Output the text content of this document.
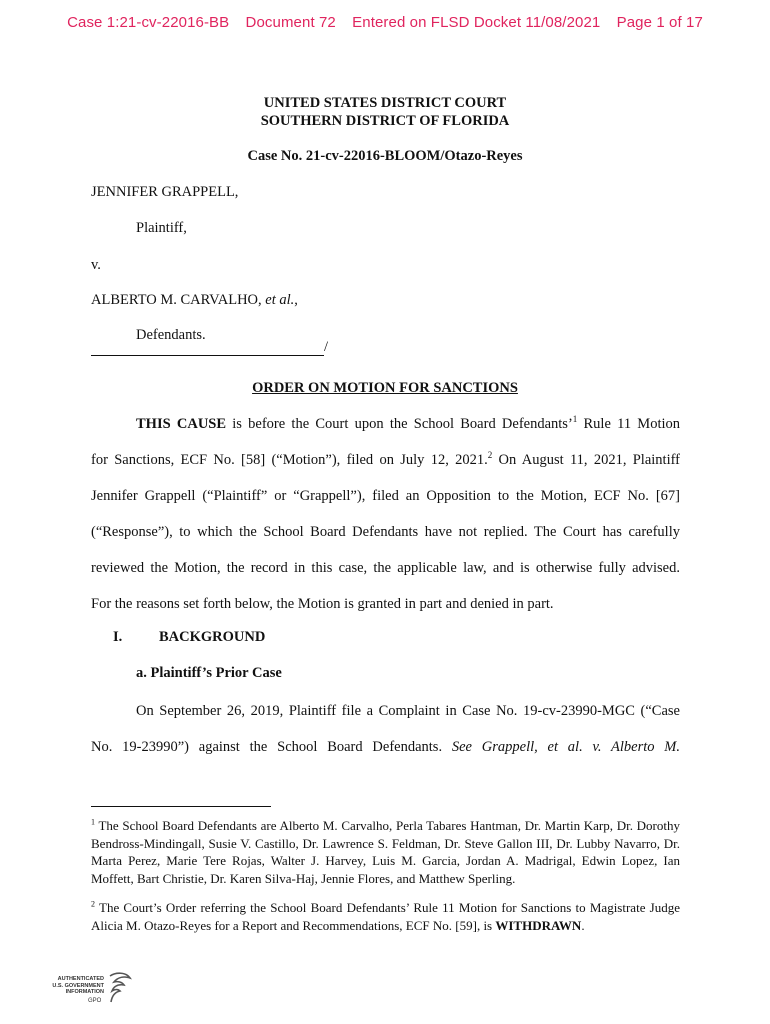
Case 1:21-cv-22016-BB Document 72 Entered on FLSD Docket 11/08/2021 Page 1 of 17
UNITED STATES DISTRICT COURT
SOUTHERN DISTRICT OF FLORIDA
Case No. 21-cv-22016-BLOOM/Otazo-Reyes
JENNIFER GRAPPELL,
Plaintiff,
v.
ALBERTO M. CARVALHO, et al.,
Defendants.
/
ORDER ON MOTION FOR SANCTIONS
THIS CAUSE is before the Court upon the School Board Defendants’$^1$ Rule 11 Motion
for Sanctions, ECF No. [58] (“Motion”), filed on July 12, 2021.$^2$ On August 11, 2021, Plaintiff
Jennifer Grappell (“Plaintiff” or “Grappell”), filed an Opposition to the Motion, ECF No. [67]
(“Response”), to which the School Board Defendants have not replied. The Court has carefully
reviewed the Motion, the record in this case, the applicable law, and is otherwise fully advised.
For the reasons set forth below, the Motion is granted in part and denied in part.
I.	BACKGROUND
a. Plaintiff’s Prior Case
On September 26, 2019, Plaintiff file a Complaint in Case No. 19-cv-23990-MGC (“Case
No. 19-23990”) against the School Board Defendants. See Grappell, et al. v. Alberto M.
$^1$ The School Board Defendants are Alberto M. Carvalho, Perla Tabares Hantman, Dr. Martin Karp, Dr. Dorothy Bendross-Mindingall, Susie V. Castillo, Dr. Lawrence S. Feldman, Dr. Steve Gallon III, Dr. Lubby Navarro, Dr. Marta Perez, Marie Tere Rojas, Walter J. Harvey, Luis M. Garcia, Jordan A. Madrigal, Edwin Lopez, Ian Moffett, Bart Christie, Dr. Karen Silva-Haj, Jennie Flores, and Matthew Sperling.
$^2$ The Court’s Order referring the School Board Defendants’ Rule 11 Motion for Sanctions to Magistrate Judge Alicia M. Otazo-Reyes for a Report and Recommendations, ECF No. [59], is WITHDRAWN.
AUTHENTICATED
U.S. GOVERNMENT
INFORMATION
GPO
